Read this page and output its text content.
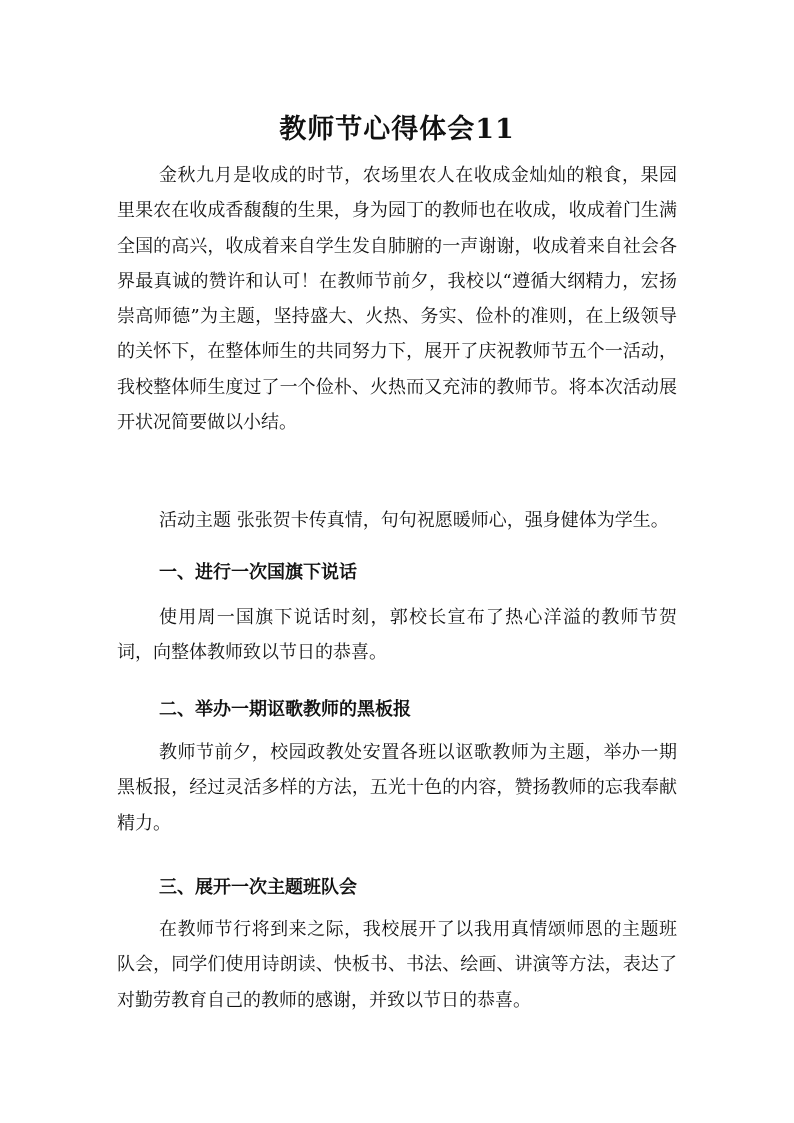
教师节心得体会11

金秋九月是收成的时节，农场里农人在收成金灿灿的粮食，果园里果农在收成香馥馥的生果，身为园丁的教师也在收成，收成着门生满全国的高兴，收成着来自学生发自肺腑的一声谢谢，收成着来自社会各界最真诚的赞许和认可！在教师节前夕，我校以“遵循大纲精力，宏扬崇高师德”为主题，坚持盛大、火热、务实、俭朴的准则，在上级领导的关怀下，在整体师生的共同努力下，展开了庆祝教师节五个一活动，我校整体师生度过了一个俭朴、火热而又充沛的教师节。将本次活动展开状况简要做以小结。

活动主题 张张贺卡传真情，句句祝愿暖师心，强身健体为学生。

一、进行一次国旗下说话

使用周一国旗下说话时刻，郭校长宣布了热心洋溢的教师节贺词，向整体教师致以节日的恭喜。

二、举办一期讴歌教师的黑板报

教师节前夕，校园政教处安置各班以讴歌教师为主题，举办一期黑板报，经过灵活多样的方法，五光十色的内容，赞扬教师的忘我奉献精力。

三、展开一次主题班队会

在教师节行将到来之际，我校展开了以我用真情颂师恩的主题班队会，同学们使用诗朗读、快板书、书法、绘画、讲演等方法，表达了对勤劳教育自己的教师的感谢，并致以节日的恭喜。
